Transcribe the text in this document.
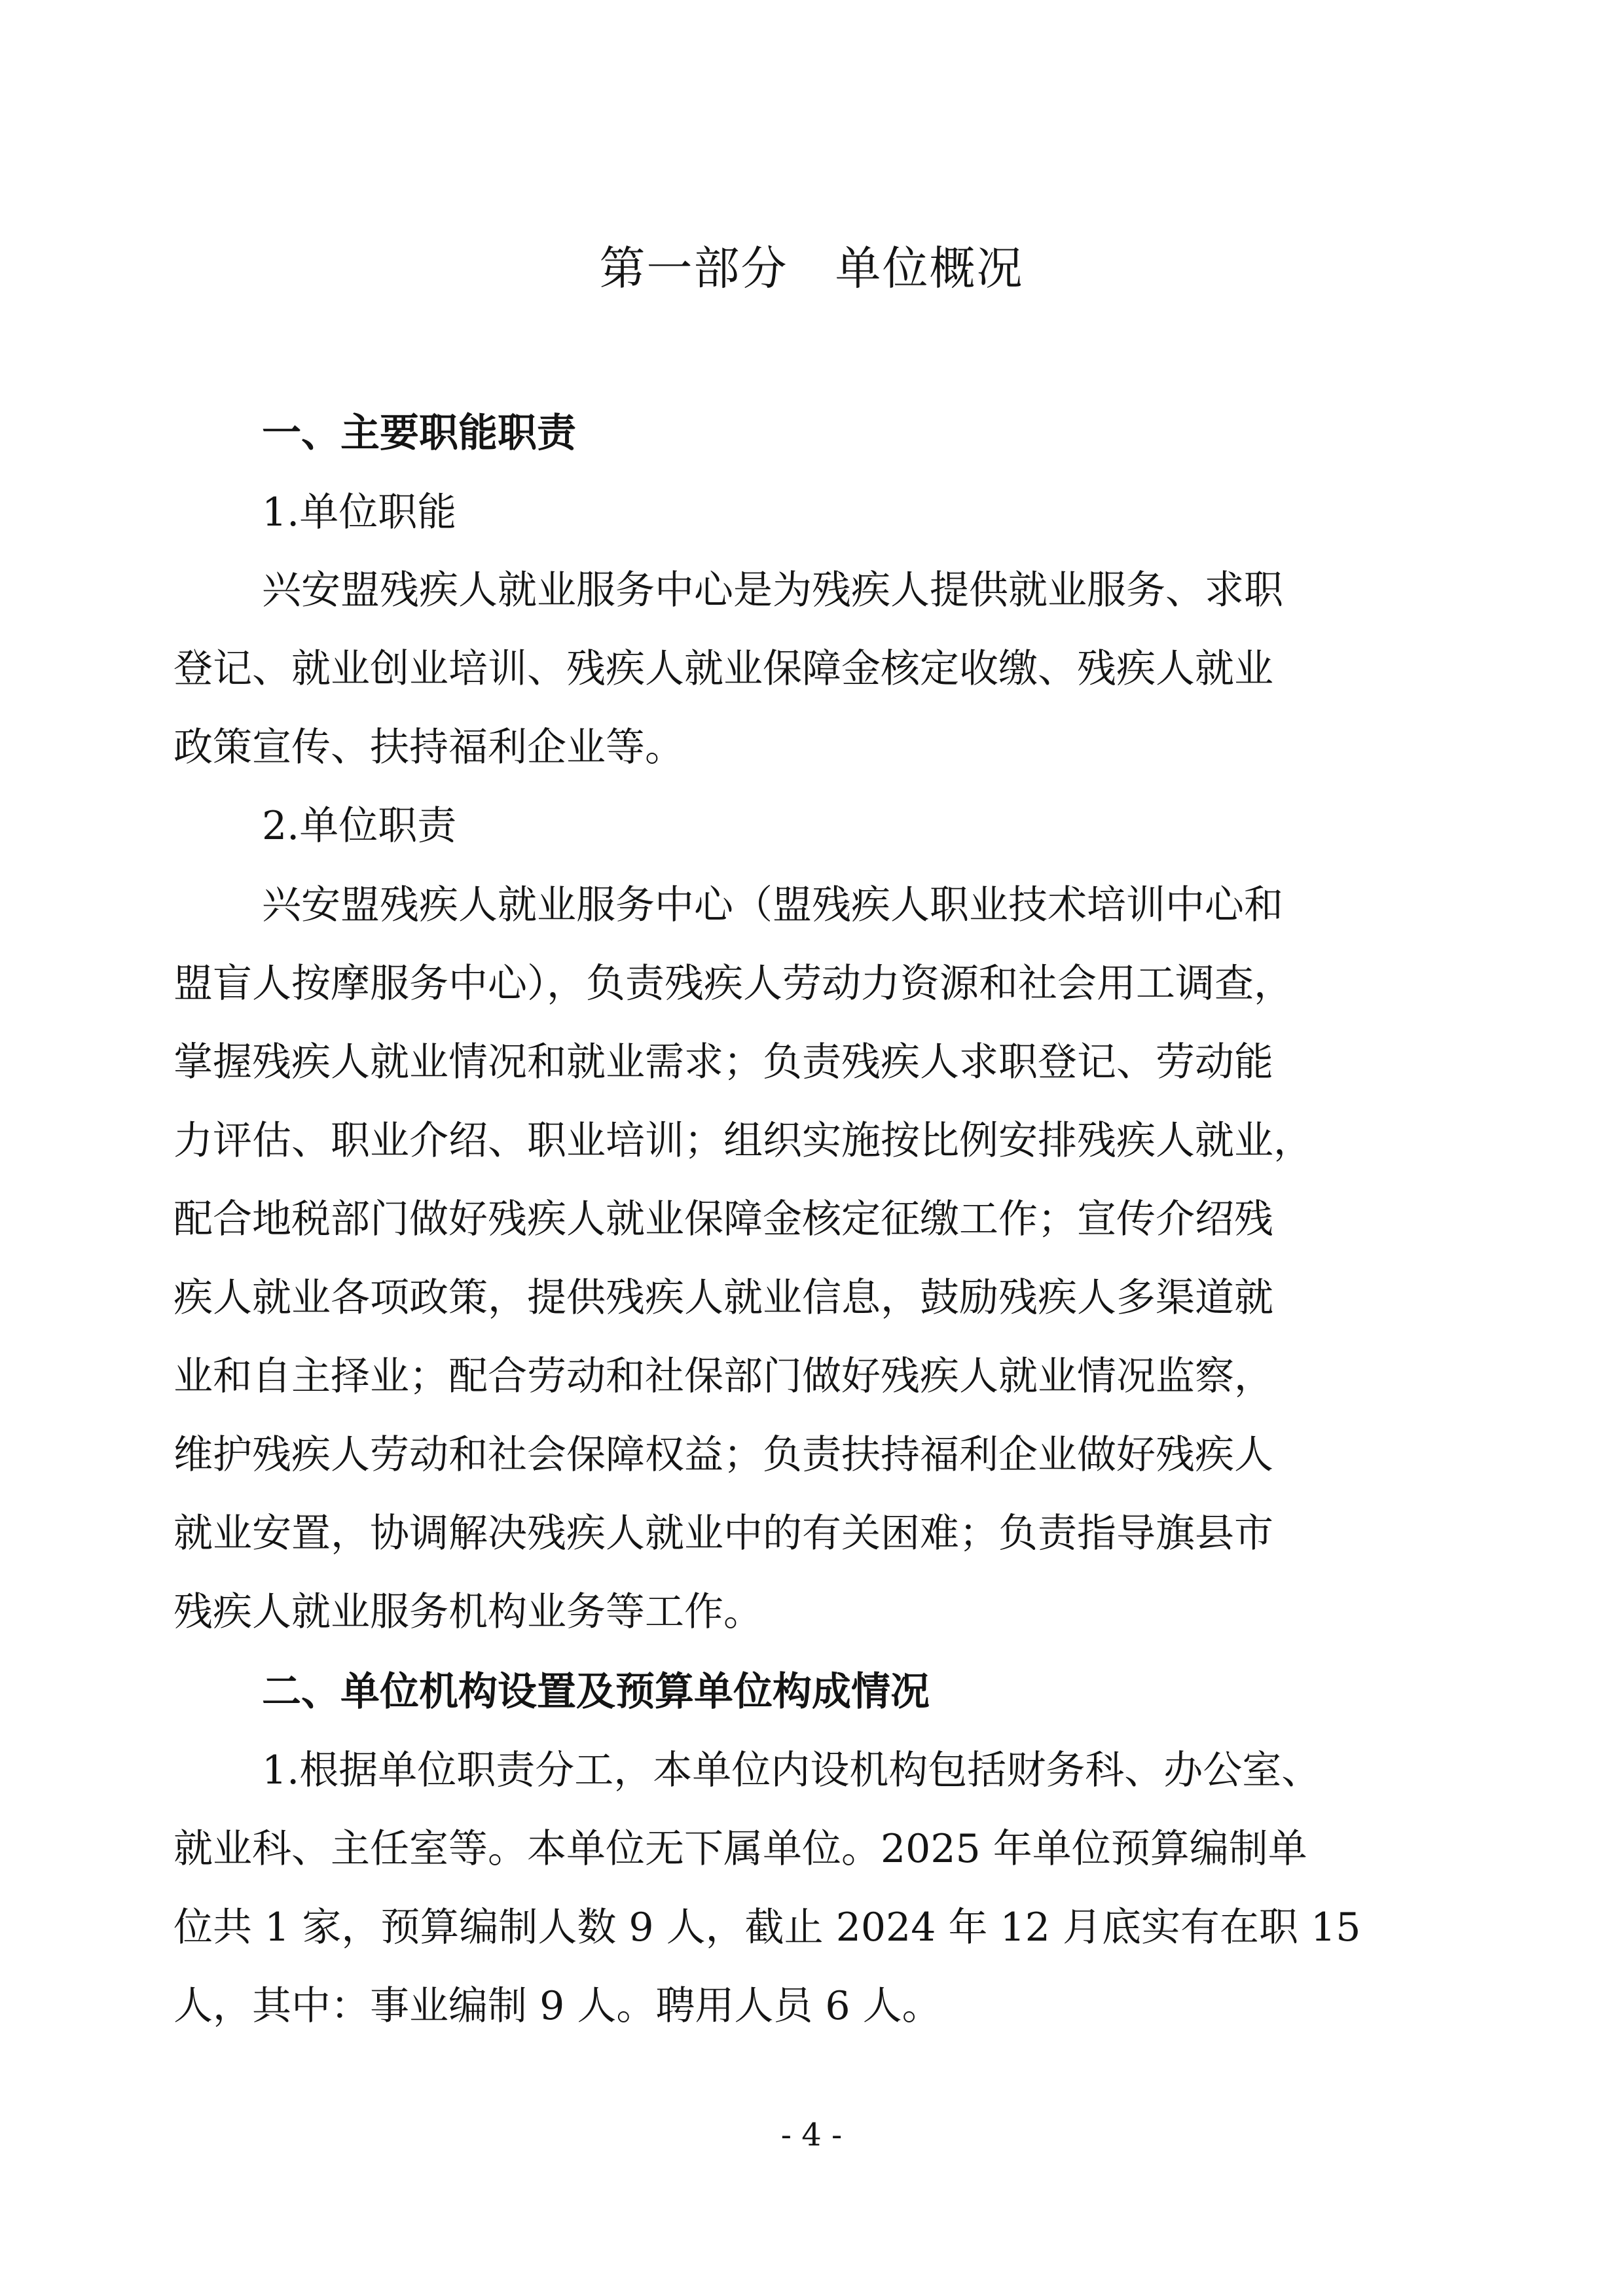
第一部分　单位概况
一、主要职能职责
1.单位职能
兴安盟残疾人就业服务中心是为残疾人提供就业服务、求职
登记、就业创业培训、残疾人就业保障金核定收缴、残疾人就业
政策宣传、扶持福利企业等。
2.单位职责
兴安盟残疾人就业服务中心（盟残疾人职业技术培训中心和
盟盲人按摩服务中心），负责残疾人劳动力资源和社会用工调查，
掌握残疾人就业情况和就业需求；负责残疾人求职登记、劳动能
力评估、职业介绍、职业培训；组织实施按比例安排残疾人就业，
配合地税部门做好残疾人就业保障金核定征缴工作；宣传介绍残
疾人就业各项政策，提供残疾人就业信息，鼓励残疾人多渠道就
业和自主择业；配合劳动和社保部门做好残疾人就业情况监察，
维护残疾人劳动和社会保障权益；负责扶持福利企业做好残疾人
就业安置，协调解决残疾人就业中的有关困难；负责指导旗县市
残疾人就业服务机构业务等工作。
二、单位机构设置及预算单位构成情况
1.根据单位职责分工，本单位内设机构包括财务科、办公室、
就业科、主任室等。本单位无下属单位。2025 年单位预算编制单
位共 1 家，预算编制人数 9 人，截止 2024 年 12 月底实有在职 15
人，其中：事业编制 9 人。聘用人员 6 人。
- 4 -
